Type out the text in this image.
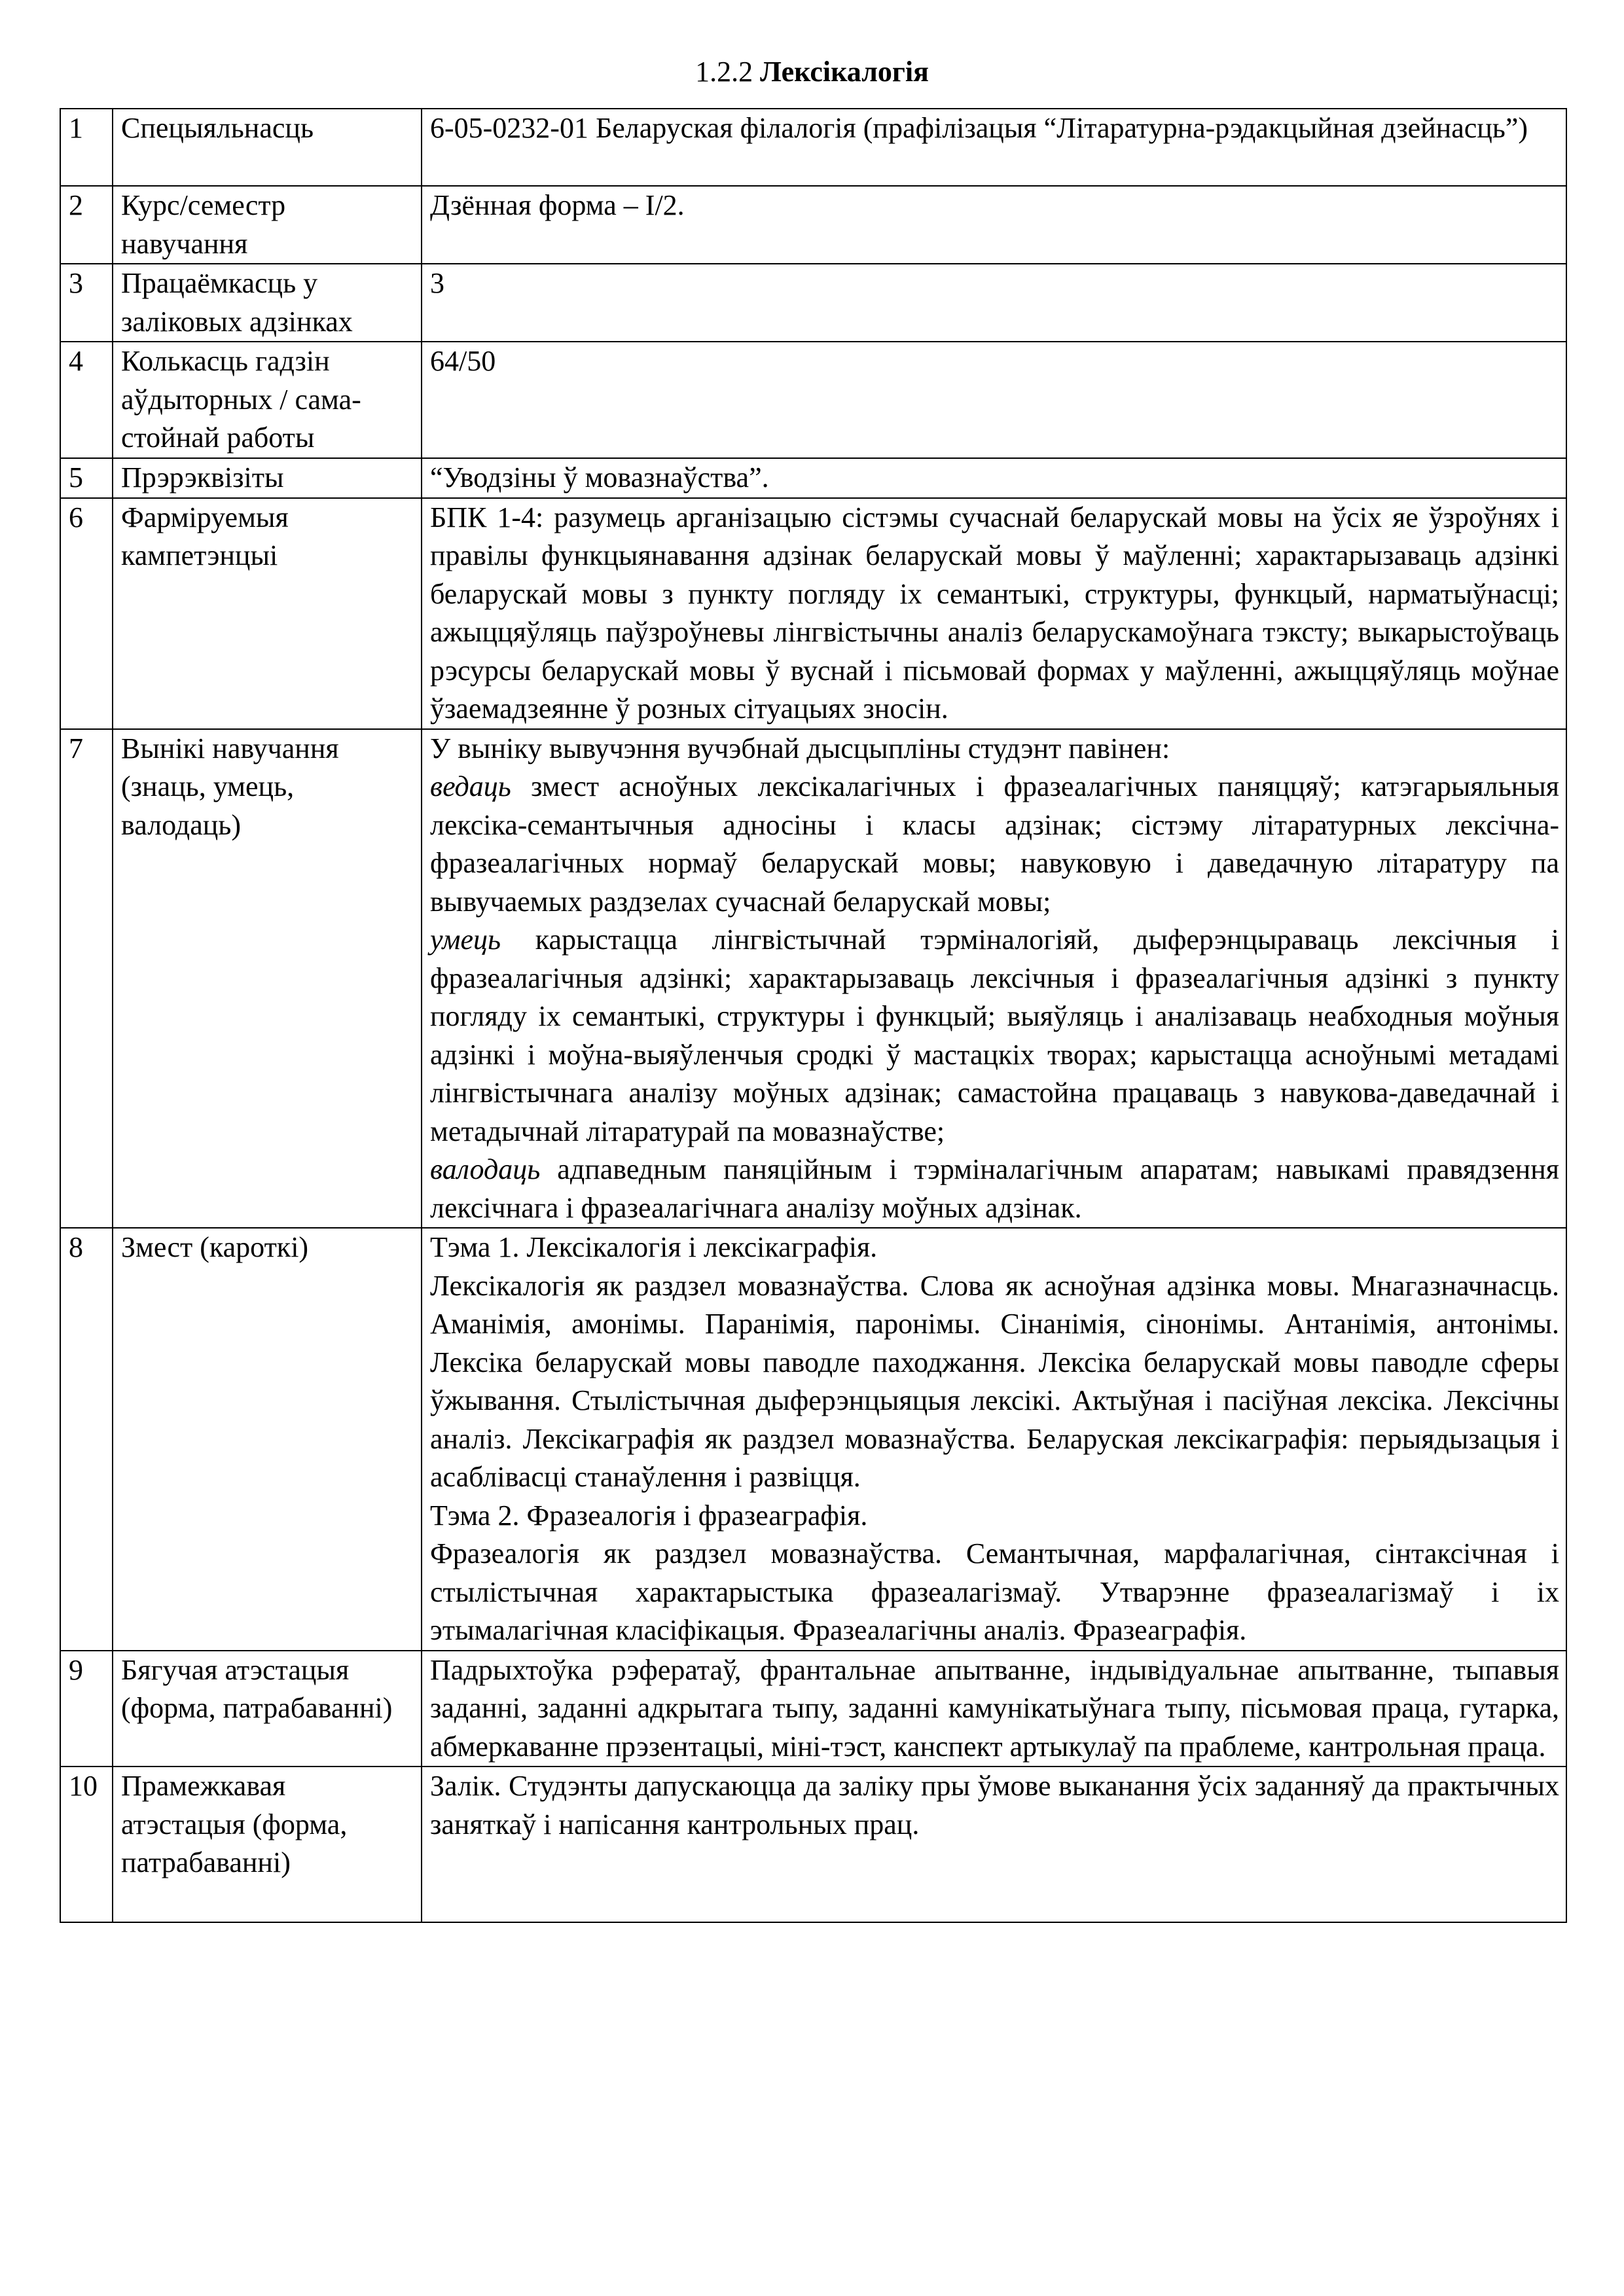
1.2.2 Лексікалогія
1	Спецыяльнасць	6-05-0232-01 Беларуская філалогія (прафілізацыя “Літаратурна-рэдакцыйная дзейнасць”)

2	Курс/семестр навучання	Дзённая форма – I/2.

3	Працаёмкасць у заліковых адзінках	3

4	Колькасць гадзін аўдыторных / сама-стойнай работы	64/50

5	Прэрэквізіты	“Уводзіны ў мовазнаўства”.

6	Фарміруемыя кампетэнцыі	БПК 1-4: разумець арганізацыю сістэмы сучаснай беларускай мовы на ўсіх яе ўзроўнях і правілы функцыянавання адзінак беларускай мовы ў маўленні; характарызаваць адзінкі беларускай мовы з пункту погляду іх семантыкі, структуры, функцый, нарматыўнасці; ажыццяўляць паўзроўневы лінгвістычны аналіз беларускамоўнага тэксту; выкарыстоўваць рэсурсы беларускай мовы ў вуснай і пісьмовай формах у маўленні, ажыццяўляць моўнае ўзаемадзеянне ў розных сітуацыях зносін.

7	Вынікі навучання (знаць, умець, валодаць)	У выніку вывучэння вучэбнай дысцыпліны студэнт павінен:
ведаць змест асноўных лексікалагічных і фразеалагічных паняццяў; катэгарыяльныя лексіка-семантычныя адносіны і класы адзінак; сістэму літаратурных лексічна-фразеалагічных нормаў беларускай мовы; навуковую і даведачную літаратуру па вывучаемых раздзелах сучаснай беларускай мовы;
умець карыстацца лінгвістычнай тэрміналогіяй, дыферэнцыраваць лексічныя і фразеалагічныя адзінкі; характарызаваць лексічныя і фразеалагічныя адзінкі з пункту погляду іх семантыкі, структуры і функцый; выяўляць і аналізаваць неабходныя моўныя адзінкі і моўна-выяўленчыя сродкі ў мастацкіх творах; карыстацца асноўнымі метадамі лінгвістычнага аналізу моўных адзінак; самастойна працаваць з навукова-даведачнай і метадычнай літаратурай па мовазнаўстве;
валодаць адпаведным паняційным і тэрміналагічным апаратам; навыкамі правядзення лексічнага і фразеалагічнага аналізу моўных адзінак.

8	Змест (кароткі)	Тэма 1. Лексікалогія і лексікаграфія.
Лексікалогія як раздзел мовазнаўства. Слова як асноўная адзінка мовы. Мнагазначнасць. Аманімія, амонімы. Паранімія, паронімы. Сінанімія, сінонімы. Антанімія, антонімы. Лексіка беларускай мовы паводле паходжання. Лексіка беларускай мовы паводле сферы ўжывання. Стылістычная дыферэнцыяцыя лексікі. Актыўная і пасіўная лексіка. Лексічны аналіз. Лексікаграфія як раздзел мовазнаўства. Беларуская лексікаграфія: перыядызацыя і асаблівасці станаўлення і развіцця.
Тэма 2. Фразеалогія і фразеаграфія.
Фразеалогія як раздзел мовазнаўства. Семантычная, марфалагічная, сінтаксічная і стылістычная характарыстыка фразеалагізмаў. Утварэнне фразеалагізмаў і іх этымалагічная класіфікацыя. Фразеалагічны аналіз. Фразеаграфія.

9	Бягучая атэстацыя (форма, патрабаванні)	Падрыхтоўка рэфератаў, франтальнае апытванне, індывідуальнае апытванне, тыпавыя заданні, заданні адкрытага тыпу, заданні камунікатыўнага тыпу, пісьмовая праца, гутарка, абмеркаванне прэзентацыі, міні-тэст, канспект артыкулаў па праблеме, кантрольная праца.

10	Прамежкавая атэстацыя (форма, патрабаванні)	Залік. Студэнты дапускаюцца да заліку пры ўмове выканання ўсіх заданняў да практычных заняткаў і напісання кантрольных прац.
